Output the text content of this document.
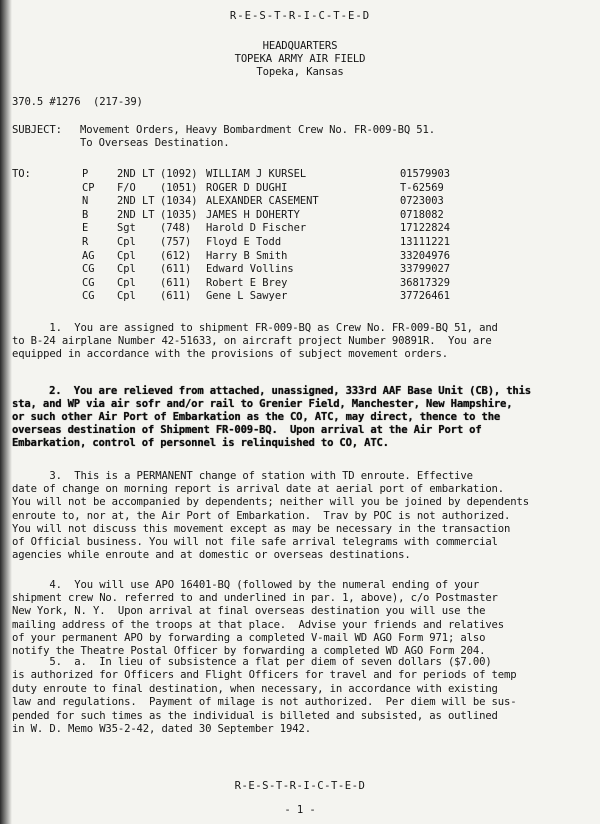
R-E-S-T-R-I-C-T-E-D
HEADQUARTERS
TOPEKA ARMY AIR FIELD
Topeka, Kansas
370.5 #1276  (217-39)
SUBJECT: Movement Orders, Heavy Bombardment Crew No. FR-009-BQ 51.
To Overseas Destination.
TO:	P	2ND LT (1092) WILLIAM J KURSEL	01579903
CP F/O (1051) ROGER D DUGHI	T-62569
N	2ND LT (1034) ALEXANDER CASEMENT	0723003
B	2ND LT (1035) JAMES H DOHERTY	0718082
E	Sgt (748) Harold D Fischer	17122824
R	Cpl (757) Floyd E Todd	13111221
AG Cpl (612) Harry B Smith	33204976
CG Cpl (611) Edward Vollins	33799027
CG Cpl (611) Robert E Brey	36817329
CG Cpl (611) Gene L Sawyer	37726461
1.  You are assigned to shipment FR-009-BQ as Crew No. FR-009-BQ 51, and
to B-24 airplane Number 42-51633, on aircraft project Number 90891R.  You are
equipped in accordance with the provisions of subject movement orders.
2.  You are relieved from attached, unassigned, 333rd AAF Base Unit (CB), this
sta, and WP via air sofr and/or rail to Grenier Field, Manchester, New Hampshire,
or such other Air Port of Embarkation as the CO, ATC, may direct, thence to the
overseas destination of Shipment FR-009-BQ.  Upon arrival at the Air Port of
Embarkation, control of personnel is relinquished to CO, ATC.
3.  This is a PERMANENT change of station with TD enroute. Effective
date of change on morning report is arrival date at aerial port of embarkation.
You will not be accompanied by dependents; neither will you be joined by dependents
enroute to, nor at, the Air Port of Embarkation.  Trav by POC is not authorized.
You will not discuss this movement except as may be necessary in the transaction
of Official business. You will not file safe arrival telegrams with commercial
agencies while enroute and at domestic or overseas destinations.
4.  You will use APO 16401-BQ (followed by the numeral ending of your
shipment crew No. referred to and underlined in par. 1, above), c/o Postmaster
New York, N. Y.  Upon arrival at final overseas destination you will use the
mailing address of the troops at that place.  Advise your friends and relatives
of your permanent APO by forwarding a completed V-mail WD AGO Form 971; also
notify the Theatre Postal Officer by forwarding a completed WD AGO Form 204.
5.  a.  In lieu of subsistence a flat per diem of seven dollars ($7.00)
is authorized for Officers and Flight Officers for travel and for periods of temp
duty enroute to final destination, when necessary, in accordance with existing
law and regulations.  Payment of milage is not authorized.  Per diem will be sus-
pended for such times as the individual is billeted and subsisted, as outlined
in W. D. Memo W35-2-42, dated 30 September 1942.
R-E-S-T-R-I-C-T-E-D
- 1 -
